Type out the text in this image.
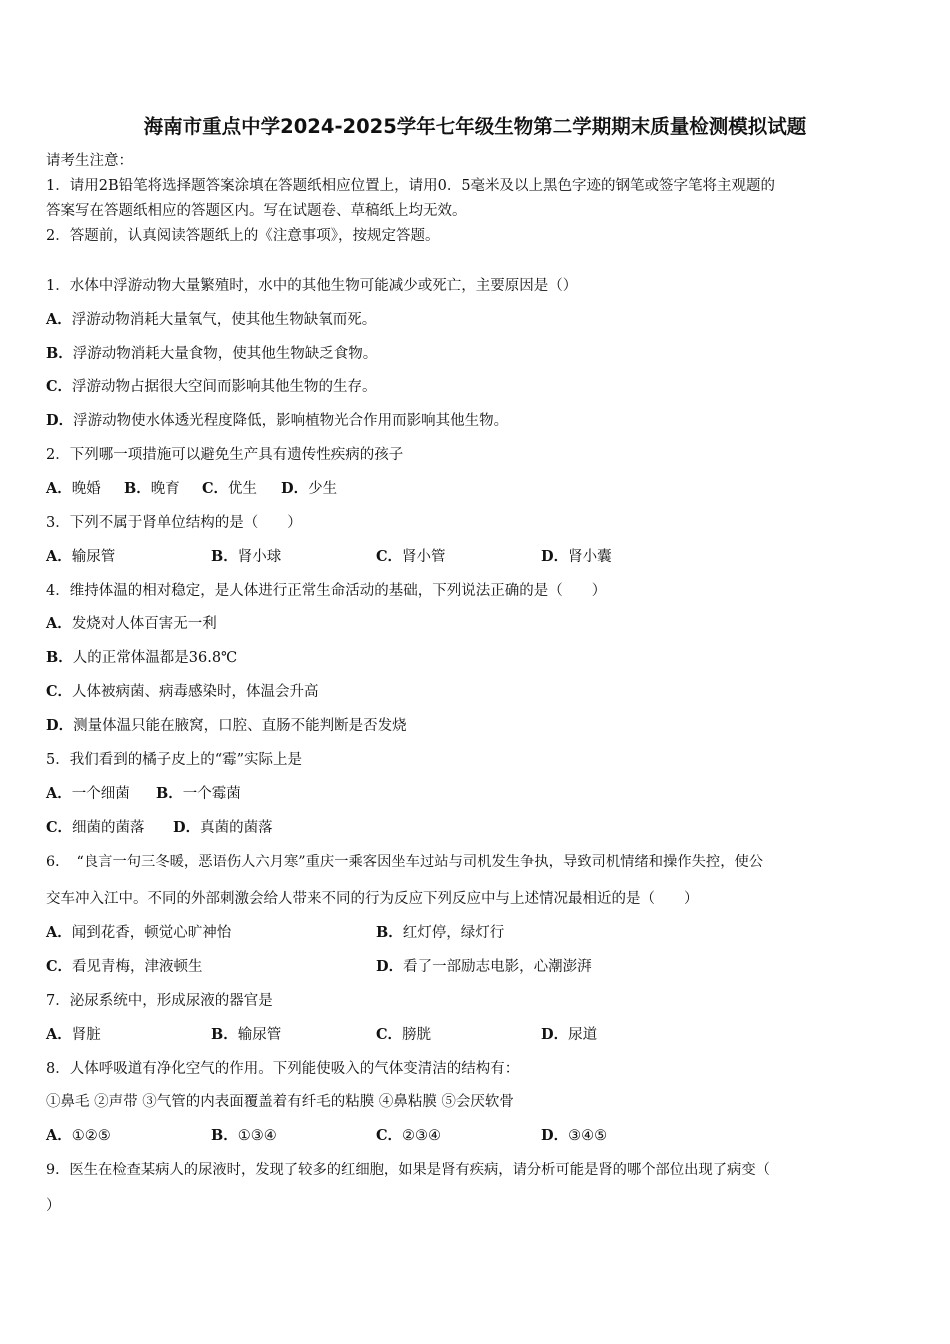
海南市重点中学2024-2025学年七年级生物第二学期期末质量检测模拟试题
请考生注意：
1．请用2B铅笔将选择题答案涂填在答题纸相应位置上，请用0．5毫米及以上黑色字迹的钢笔或签字笔将主观题的
答案写在答题纸相应的答题区内。写在试题卷、草稿纸上均无效。
2．答题前，认真阅读答题纸上的《注意事项》，按规定答题。
1．水体中浮游动物大量繁殖时，水中的其他生物可能减少或死亡，主要原因是（）
A．浮游动物消耗大量氧气，使其他生物缺氧而死。
B．浮游动物消耗大量食物，使其他生物缺乏食物。
C．浮游动物占据很大空间而影响其他生物的生存。
D．浮游动物使水体透光程度降低，影响植物光合作用而影响其他生物。
2．下列哪一项措施可以避免生产具有遗传性疾病的孩子
A．晚婚 B．晚育 C．优生 D．少生
3．下列不属于肾单位结构的是（　　）
A．输尿管	B．肾小球	C．肾小管	D．肾小囊
4．维持体温的相对稳定，是人体进行正常生命活动的基础，下列说法正确的是（　　）
A．发烧对人体百害无一利
B．人的正常体温都是36.8℃
C．人体被病菌、病毒感染时，体温会升高
D．测量体温只能在腋窝，口腔、直肠不能判断是否发烧
5．我们看到的橘子皮上的“霉”实际上是
A．一个细菌 B．一个霉菌
C．细菌的菌落 D．真菌的菌落
6．　“良言一句三冬暖，恶语伤人六月寒”重庆一乘客因坐车过站与司机发生争执，导致司机情绪和操作失控，使公
交车冲入江中。不同的外部刺激会给人带来不同的行为反应下列反应中与上述情况最相近的是（　　）
A．闻到花香，顿觉心旷神怡	B．红灯停，绿灯行
C．看见青梅，津液顿生	D．看了一部励志电影，心潮澎湃
7．泌尿系统中，形成尿液的器官是
A．肾脏	B．输尿管	C．膀胱	D．尿道
8．人体呼吸道有净化空气的作用。下列能使吸入的气体变清洁的结构有：
①鼻毛 ②声带 ③气管的内表面覆盖着有纤毛的粘膜 ④鼻粘膜 ⑤会厌软骨
A．①②⑤	B．①③④	C．②③④	D．③④⑤
9．医生在检查某病人的尿液时，发现了较多的红细胞，如果是肾有疾病，请分析可能是肾的哪个部位出现了病变（
）
